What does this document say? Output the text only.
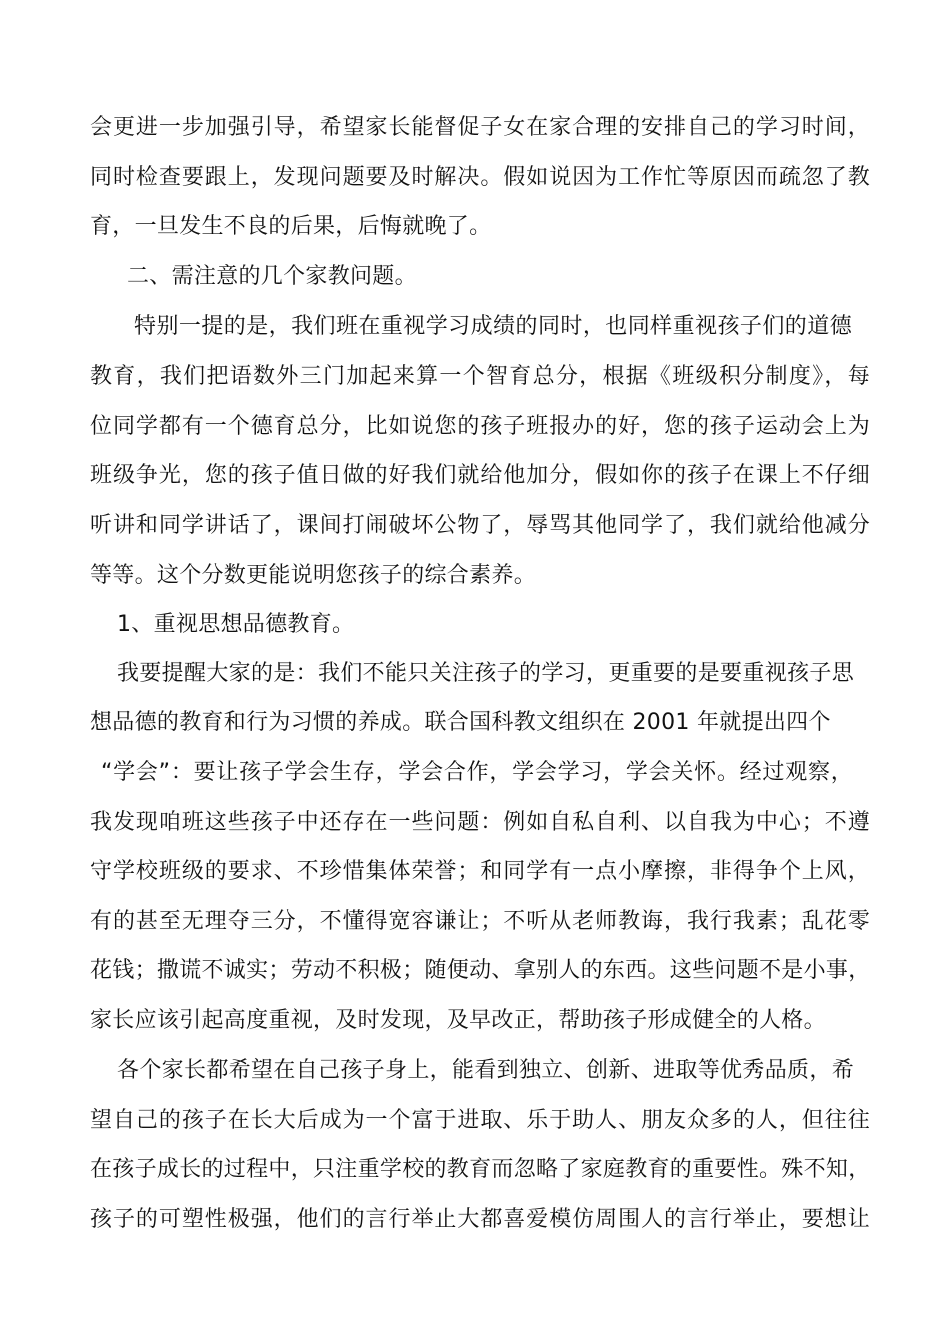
会更进一步加强引导，希望家长能督促子女在家合理的安排自己的学习时间，
同时检查要跟上，发现问题要及时解决。假如说因为工作忙等原因而疏忽了教
育，一旦发生不良的后果，后悔就晚了。
二、需注意的几个家教问题。
特别一提的是，我们班在重视学习成绩的同时，也同样重视孩子们的道德
教育，我们把语数外三门加起来算一个智育总分，根据《班级积分制度》，每
位同学都有一个德育总分，比如说您的孩子班报办的好，您的孩子运动会上为
班级争光，您的孩子值日做的好我们就给他加分，假如你的孩子在课上不仔细
听讲和同学讲话了，课间打闹破坏公物了，辱骂其他同学了，我们就给他减分
等等。这个分数更能说明您孩子的综合素养。
1、重视思想品德教育。
我要提醒大家的是：我们不能只关注孩子的学习，更重要的是要重视孩子思
想品德的教育和行为习惯的养成。联合国科教文组织在 2001 年就提出四个
“学会”：要让孩子学会生存，学会合作，学会学习，学会关怀。经过观察，
我发现咱班这些孩子中还存在一些问题：例如自私自利、以自我为中心；不遵
守学校班级的要求、不珍惜集体荣誉；和同学有一点小摩擦，非得争个上风，
有的甚至无理夺三分，不懂得宽容谦让；不听从老师教诲，我行我素；乱花零
花钱；撒谎不诚实；劳动不积极；随便动、拿别人的东西。这些问题不是小事，
家长应该引起高度重视，及时发现，及早改正，帮助孩子形成健全的人格。
各个家长都希望在自己孩子身上，能看到独立、创新、进取等优秀品质，希
望自己的孩子在长大后成为一个富于进取、乐于助人、朋友众多的人，但往往
在孩子成长的过程中，只注重学校的教育而忽略了家庭教育的重要性。殊不知，
孩子的可塑性极强，他们的言行举止大都喜爱模仿周围人的言行举止，要想让
